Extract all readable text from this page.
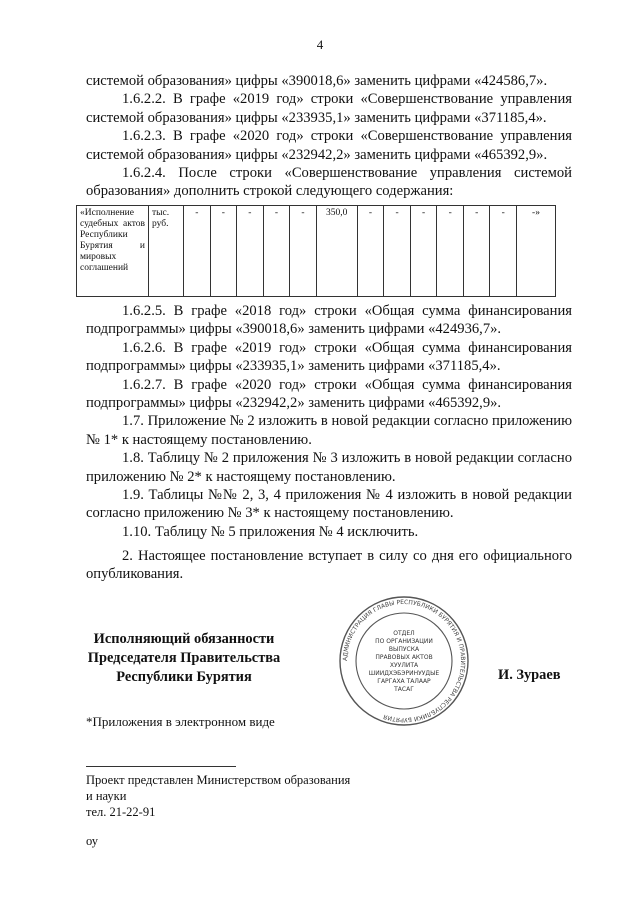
4

системой образования» цифры «390018,6» заменить цифрами «424586,7».

1.6.2.2. В графе «2019 год» строки «Совершенствование управления системой образования» цифры «233935,1» заменить цифрами «371185,4».

1.6.2.3. В графе «2020 год» строки «Совершенствование управления системой образования» цифры «232942,2» заменить цифрами «465392,9».

1.6.2.4. После строки «Совершенствование управления системой образования» дополнить строкой следующего содержания:

«Исполнение судебных актов Республики Бурятия и мировых соглашений	тыс. руб.	-	-	-	-	-	350,0	-	-	-	-	-	-	-»

1.6.2.5. В графе «2018 год» строки «Общая сумма финансирования подпрограммы» цифры «390018,6» заменить цифрами «424936,7».

1.6.2.6. В графе «2019 год» строки «Общая сумма финансирования подпрограммы» цифры «233935,1» заменить цифрами «371185,4».

1.6.2.7. В графе «2020 год» строки «Общая сумма финансирования подпрограммы» цифры «232942,2» заменить цифрами «465392,9».

1.7. Приложение № 2 изложить в новой редакции согласно приложению № 1* к настоящему постановлению.

1.8. Таблицу № 2 приложения № 3 изложить в новой редакции согласно приложению № 2* к настоящему постановлению.

1.9. Таблицы №№ 2, 3, 4 приложения № 4 изложить в новой редакции согласно приложению № 3* к настоящему постановлению.

1.10. Таблицу № 5 приложения № 4 исключить.

2. Настоящее постановление вступает в силу со дня его официального опубликования.

Исполняющий обязанности
Председателя Правительства
Республики Бурятия
АДМИНИСТРАЦИЯ ГЛАВЫ РЕСПУБЛИКИ БУРЯТИЯ И ПРАВИТЕЛЬСТВА РЕСПУБЛИКИ БУРЯТИЯ
ОТДЕЛ
ПО ОРГАНИЗАЦИИ
ВЫПУСКА
ПРАВОВЫХ АКТОВ
ХУУЛИТА
ШИИДХЭБЭРИНУУДЫЕ
ГАРГАХА ТАЛААР
ТАСАГ
И. Зураев
*Приложения в электронном виде
Проект представлен Министерством образования
и науки
тел. 21-22-91
оу
